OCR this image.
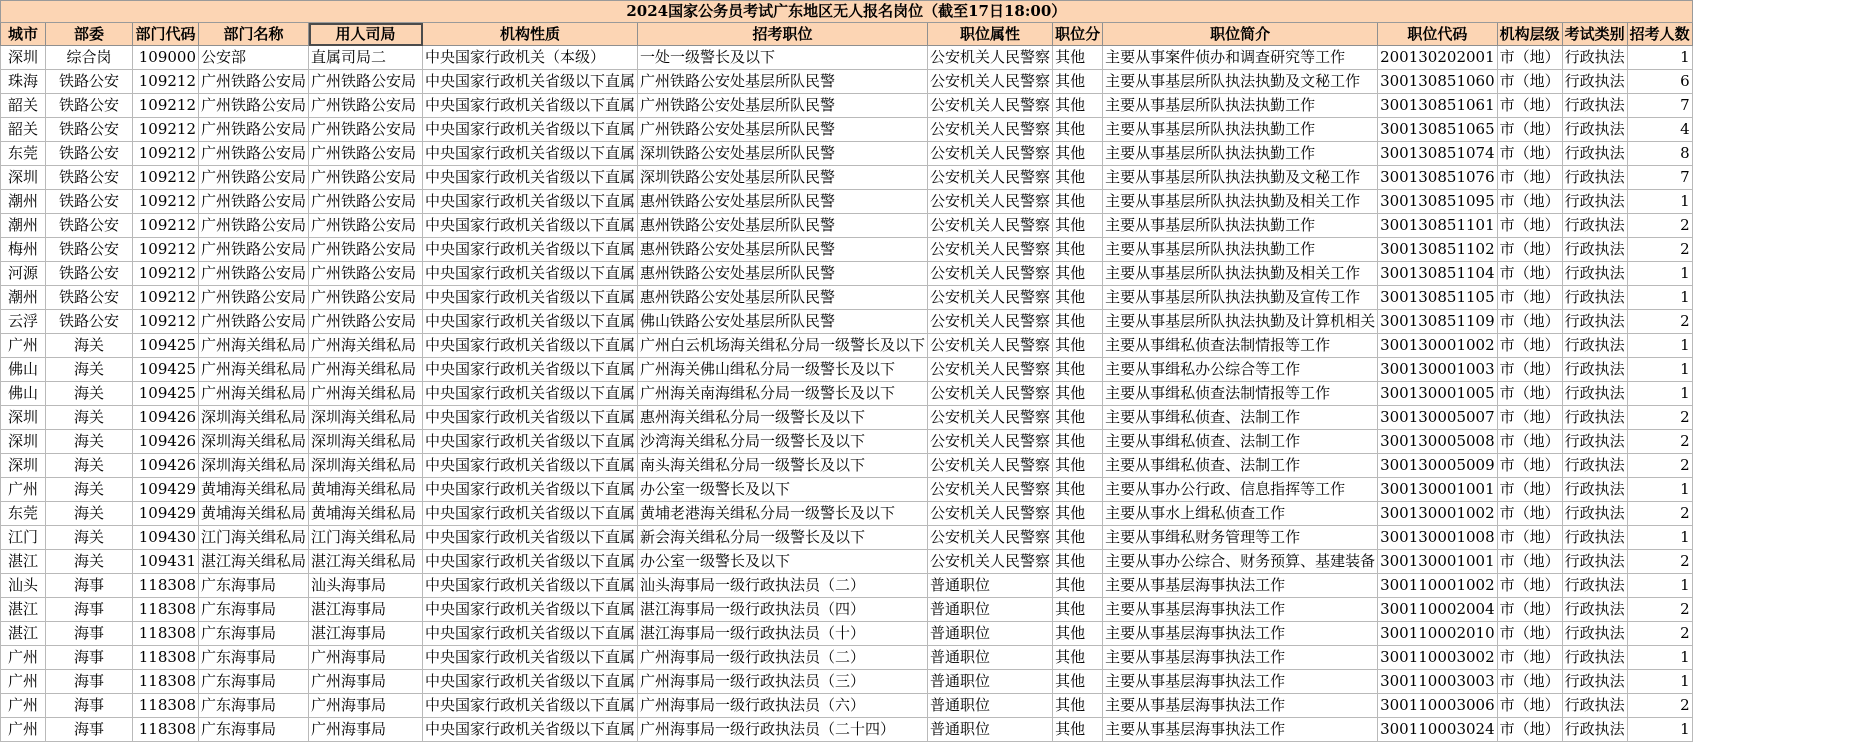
2024国家公务员考试广东地区无人报名岗位（截至17日18:00）													
城市	部委	部门代码	部门名称	用人司局	机构性质	招考职位	职位属性	职位分	职位简介	职位代码	机构层级	考试类别	招考人数
深圳	综合岗	109000	公安部	直属司局二	中央国家行政机关（本级）	一处一级警长及以下	公安机关人民警察	其他	主要从事案件侦办和调查研究等工作	200130202001	市（地）	行政执法	1
珠海	铁路公安	109212	广州铁路公安局	广州铁路公安局	中央国家行政机关省级以下直属	广州铁路公安处基层所队民警	公安机关人民警察	其他	主要从事基层所队执法执勤及文秘工作	300130851060	市（地）	行政执法	6
韶关	铁路公安	109212	广州铁路公安局	广州铁路公安局	中央国家行政机关省级以下直属	广州铁路公安处基层所队民警	公安机关人民警察	其他	主要从事基层所队执法执勤工作	300130851061	市（地）	行政执法	7
韶关	铁路公安	109212	广州铁路公安局	广州铁路公安局	中央国家行政机关省级以下直属	广州铁路公安处基层所队民警	公安机关人民警察	其他	主要从事基层所队执法执勤工作	300130851065	市（地）	行政执法	4
东莞	铁路公安	109212	广州铁路公安局	广州铁路公安局	中央国家行政机关省级以下直属	深圳铁路公安处基层所队民警	公安机关人民警察	其他	主要从事基层所队执法执勤工作	300130851074	市（地）	行政执法	8
深圳	铁路公安	109212	广州铁路公安局	广州铁路公安局	中央国家行政机关省级以下直属	深圳铁路公安处基层所队民警	公安机关人民警察	其他	主要从事基层所队执法执勤及文秘工作	300130851076	市（地）	行政执法	7
潮州	铁路公安	109212	广州铁路公安局	广州铁路公安局	中央国家行政机关省级以下直属	惠州铁路公安处基层所队民警	公安机关人民警察	其他	主要从事基层所队执法执勤及相关工作	300130851095	市（地）	行政执法	1
潮州	铁路公安	109212	广州铁路公安局	广州铁路公安局	中央国家行政机关省级以下直属	惠州铁路公安处基层所队民警	公安机关人民警察	其他	主要从事基层所队执法执勤工作	300130851101	市（地）	行政执法	2
梅州	铁路公安	109212	广州铁路公安局	广州铁路公安局	中央国家行政机关省级以下直属	惠州铁路公安处基层所队民警	公安机关人民警察	其他	主要从事基层所队执法执勤工作	300130851102	市（地）	行政执法	2
河源	铁路公安	109212	广州铁路公安局	广州铁路公安局	中央国家行政机关省级以下直属	惠州铁路公安处基层所队民警	公安机关人民警察	其他	主要从事基层所队执法执勤及相关工作	300130851104	市（地）	行政执法	1
潮州	铁路公安	109212	广州铁路公安局	广州铁路公安局	中央国家行政机关省级以下直属	惠州铁路公安处基层所队民警	公安机关人民警察	其他	主要从事基层所队执法执勤及宣传工作	300130851105	市（地）	行政执法	1
云浮	铁路公安	109212	广州铁路公安局	广州铁路公安局	中央国家行政机关省级以下直属	佛山铁路公安处基层所队民警	公安机关人民警察	其他	主要从事基层所队执法执勤及计算机相关	300130851109	市（地）	行政执法	2
广州	海关	109425	广州海关缉私局	广州海关缉私局	中央国家行政机关省级以下直属	广州白云机场海关缉私分局一级警长及以下	公安机关人民警察	其他	主要从事缉私侦查法制情报等工作	300130001002	市（地）	行政执法	1
佛山	海关	109425	广州海关缉私局	广州海关缉私局	中央国家行政机关省级以下直属	广州海关佛山缉私分局一级警长及以下	公安机关人民警察	其他	主要从事缉私办公综合等工作	300130001003	市（地）	行政执法	1
佛山	海关	109425	广州海关缉私局	广州海关缉私局	中央国家行政机关省级以下直属	广州海关南海缉私分局一级警长及以下	公安机关人民警察	其他	主要从事缉私侦查法制情报等工作	300130001005	市（地）	行政执法	1
深圳	海关	109426	深圳海关缉私局	深圳海关缉私局	中央国家行政机关省级以下直属	惠州海关缉私分局一级警长及以下	公安机关人民警察	其他	主要从事缉私侦查、法制工作	300130005007	市（地）	行政执法	2
深圳	海关	109426	深圳海关缉私局	深圳海关缉私局	中央国家行政机关省级以下直属	沙湾海关缉私分局一级警长及以下	公安机关人民警察	其他	主要从事缉私侦查、法制工作	300130005008	市（地）	行政执法	2
深圳	海关	109426	深圳海关缉私局	深圳海关缉私局	中央国家行政机关省级以下直属	南头海关缉私分局一级警长及以下	公安机关人民警察	其他	主要从事缉私侦查、法制工作	300130005009	市（地）	行政执法	2
广州	海关	109429	黄埔海关缉私局	黄埔海关缉私局	中央国家行政机关省级以下直属	办公室一级警长及以下	公安机关人民警察	其他	主要从事办公行政、信息指挥等工作	300130001001	市（地）	行政执法	1
东莞	海关	109429	黄埔海关缉私局	黄埔海关缉私局	中央国家行政机关省级以下直属	黄埔老港海关缉私分局一级警长及以下	公安机关人民警察	其他	主要从事水上缉私侦查工作	300130001002	市（地）	行政执法	2
江门	海关	109430	江门海关缉私局	江门海关缉私局	中央国家行政机关省级以下直属	新会海关缉私分局一级警长及以下	公安机关人民警察	其他	主要从事缉私财务管理等工作	300130001008	市（地）	行政执法	1
湛江	海关	109431	湛江海关缉私局	湛江海关缉私局	中央国家行政机关省级以下直属	办公室一级警长及以下	公安机关人民警察	其他	主要从事办公综合、财务预算、基建装备	300130001001	市（地）	行政执法	2
汕头	海事	118308	广东海事局	汕头海事局	中央国家行政机关省级以下直属	汕头海事局一级行政执法员（二）	普通职位	其他	主要从事基层海事执法工作	300110001002	市（地）	行政执法	1
湛江	海事	118308	广东海事局	湛江海事局	中央国家行政机关省级以下直属	湛江海事局一级行政执法员（四）	普通职位	其他	主要从事基层海事执法工作	300110002004	市（地）	行政执法	2
湛江	海事	118308	广东海事局	湛江海事局	中央国家行政机关省级以下直属	湛江海事局一级行政执法员（十）	普通职位	其他	主要从事基层海事执法工作	300110002010	市（地）	行政执法	2
广州	海事	118308	广东海事局	广州海事局	中央国家行政机关省级以下直属	广州海事局一级行政执法员（二）	普通职位	其他	主要从事基层海事执法工作	300110003002	市（地）	行政执法	1
广州	海事	118308	广东海事局	广州海事局	中央国家行政机关省级以下直属	广州海事局一级行政执法员（三）	普通职位	其他	主要从事基层海事执法工作	300110003003	市（地）	行政执法	1
广州	海事	118308	广东海事局	广州海事局	中央国家行政机关省级以下直属	广州海事局一级行政执法员（六）	普通职位	其他	主要从事基层海事执法工作	300110003006	市（地）	行政执法	2
广州	海事	118308	广东海事局	广州海事局	中央国家行政机关省级以下直属	广州海事局一级行政执法员（二十四）	普通职位	其他	主要从事基层海事执法工作	300110003024	市（地）	行政执法	1
